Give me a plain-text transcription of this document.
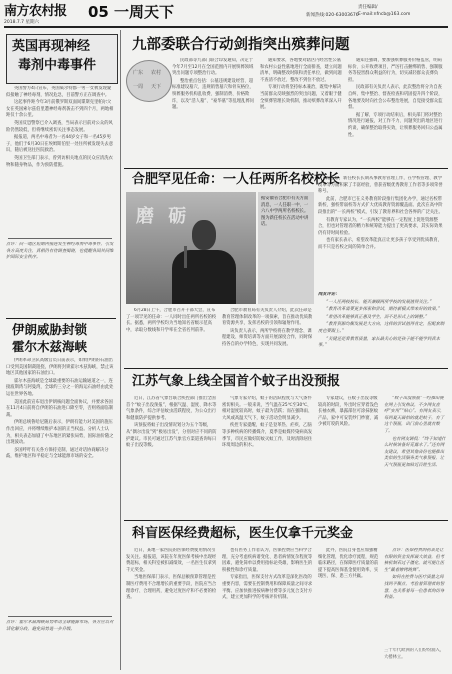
南方农村报
2018.7.7 星期六
05 一周天下	责任编辑/
新闻热线:020-63003676 E-mail:nfncb@163.com
英国再现神经
毒剂中毒事件

英国警方4日宣布，英国威尔特郡一男一女被发现疑似接触了神经毒剂，情况危急，目前警方正在调查中。

这起事件距今年3月前俄罗斯双面间谍斯克里帕尔父女在英国索尔兹伯里遭神经毒剂袭击不到四个月，两地相距仅十余公里。

英国反恐警察已介入调查，当局表示目前对公众的风险仍然较低，但将继续密切关注事态发展。

据报道，两名中毒者为一名44岁女子和一名45岁男子，他们于6月30日在埃姆斯伯里一处住所被发现失去意识，随后被送往医院救治。

英国卫生部门表示，曾到访相关地点的民众应清洗衣物和随身物品，作为预防措施。

点评：同一地区短期内接连发生神经毒剂中毒事件，引发各方高度关注，真相仍有待调查揭晓，也提醒各国共同维护国际安全秩序。
伊朗威胁封锁
霍尔木兹海峡

伊朗革命卫队高级官员日前表示，如果伊朗的石油出口受到美国制裁阻挠，伊朗将封锁霍尔木兹海峡，禁止该地区其他国家的石油出口。

霍尔木兹海峡是全球最重要的石油运输通道之一，连接波斯湾与阿曼湾，全球约三分之一的海运石油经由此处运往世界各地。

美国此前宣布退出伊朗核问题全面协议，并要求各国在11月4日前将自伊朗的石油进口降至零，否则将面临制裁。

伊朗总统鲁哈尼随后表示，伊朗有能力对美国的施压作出回应，并将继续维护本国的正当权益。分析人士认为，相关表态加剧了中东地区的紧张局势，国际油价随之出现波动。

多国呼吁有关各方保持克制，通过对话协商解决分歧，维护地区和平稳定与全球能源市场的安全。

点评：霍尔木兹海峡局势牵动全球能源市场，各方应以对话化解分歧，避免局势进一步升级。
九部委联合行动剑指突出殡葬问题
广东 农村
一周 天下

民政部等九部门联合印发通知，决定于今年7月至12月在全国范围内开展殡葬领域突出问题专项整治行动。

整治重点包括：公墓违规建设经营、超标准建设墓穴、违规销售墓穴和骨灰格位，殡葬服务机构乱收费、强制消费、价格欺诈，以及“活人墓”、“豪华墓”等乱埋乱葬问题。

通知要求，各地要对辖区内经营性公墓和农村公益性墓地进行全面排查，建立问题清单，明确整改时限和责任单位，做到问题不查清不放过、整改不到位不放过。

专项行动将坚持标本兼治，既集中解决当前群众反映强烈的突出问题，又着眼于健全殡葬管理长效机制，推动殡葬改革深入开展。

通知还强调，要加强殡葬服务价格监管，明码标价、公开收费项目，严厉打击捆绑销售、强制服务等侵害群众利益的行为，切实减轻群众丧葬负担。

民政部有关负责人表示，此次整治将分为自查自纠、集中整治、督查检查和巩固提升四个阶段，各地要及时向社会公布整治进展，自觉接受群众监督。

据了解，专项行动结束后，相关部门将对整治情况进行通报，对工作不力、问题突出的地区进行约谈，确保整治取得实效，让殡葬服务回归公益属性。

合肥罕见任命：一人任两所名校校长
磨 砺
据安徽省合肥市有关方面消息，一人任职一中、一六八中学两所名校校长。图为新任校长在活动中讲话。

6月28日上午，合肥市召开干部大会，宣布了一项罕见的任命：一人同时出任两所名校的校长。据悉，两所学校均为当地知名省级示范高中，录取分数线和升学率在全省名列前茅。

合肥市教育局有关负责人介绍，此次任命是教育管理体制改革的一项探索，旨在推动优质教育资源共享，发挥名校的引领和辐射作用。

该负责人表示，两所学校将在教学理念、课程建设、师资培训等方面开展深度合作，同时保持各自的办学特色，实现共同发展。

据了解，新任校长长期从事教育管理工作，在学校管理、教学改革等方面积累了丰富经验，曾获省级优秀教育工作者等多项荣誉称号。

此前，合肥市已在义务教育阶段推行集团化办学，通过名校带新校、强校带弱校等方式扩大优质教育资源覆盖面。此次在高中阶段推出的“一长两校”模式，引发了教育界和社会各界的广泛关注。

有教育专家认为，“一长两校”能够在一定程度上促进资源整合，但也对管理者的精力和统筹能力提出了更高要求，其实际效果仍有待时间检验。

也有家长表示，希望改革能真正让更多孩子享受到优质教育，而不只是名校之间的简单合并。

网友评论：

“一人任两校校长，能否兼顾两所学校的发展值得关注。”

“教育改革需要更多探索和尝试，期待新模式带来好的效果。”

“希望改革能够真正惠及学生，而不是形式上的调整。”

“教育资源均衡发展是大方向，这样的尝试值得肯定，但配套制度也要跟上。”

“关键还是看教育质量，家长最关心的是孩子能不能学到真本事。”

江苏气象上线全国首个蚊子出没预报

近日，江苏省气象台联合疾控部门推出全国首个“蚊子出没预报”，根据气温、湿度、降水等气象条件，综合评估蚊虫活跃程度，为公众出行和健康防护提供参考。

该预报将蚊子出没情况划分为五个等级，从“偶尔出没”到“极易出没”，分别对应不同的防护建议。市民可通过江苏气象官方渠道查询每日蚊子出没等级。

气象专家介绍，蚊子的活跃程度与天气条件密切相关。一般来说，当气温在25℃至30℃、相对湿度较高时，蚊子最为活跃；而在强降雨、大风或高温天气下，蚊子活动会明显减少。

疾控专家提醒，蚊子是登革热、疟疾、乙脑等多种疾病的传播媒介，夏季是蚊媒传染病高发季节，市民应做好防蚊灭蚊工作，及时清除居住环境周边的积水。

专家建议，在蚊子出没等级较高的时段，外出时应穿着浅色长袖衣裤，暴露部位可涂抹驱蚊产品，家中可安装纱门纱窗，减少被叮咬的风险。

“蚊子出没预报”一经推出便在网上引发热议，不少网友直呼“实用”“贴心”。有网友表示，每到夏天最怕的就是蚊子，有了这个预报，出门前心里就有数了。

也有网友调侃：“终于知道什么时候该备好花露水了。”还有网友建议，希望其他省份也能推出类似的生活服务类气象预报，让天气预报更加贴近百姓生活。

科盲医保经费超标，医生仅拿千元奖金

近日，某地一家医院的医保经费使用情况引发关注。据报道，该院在年度医保考核中出现经费超标，相关科室被扣减绩效，一名医生仅拿到千元奖金。

当地医保部门表示，医保总额预算管理是控制医疗费用不合理增长的重要手段，医院应当合理诊疗、合理用药，避免过度医疗和不必要的检查。

也有医务工作者认为，医保控费应当科学合理，充分考虑疾病谱变化、患者病情复杂程度等因素，避免简单以费用指标论英雄，影响医生的积极性和诊疗质量。

专家指出，医保支付方式改革是深化医改的重要内容，需要在控制费用和保障质量之间寻求平衡。应加快推进按病种付费等多元复合支付方式，建立更加科学的考核评价机制。

此外，医院自身也应加强精细化管理，优化诊疗流程，规范临床路径，在保障医疗质量的前提下提高医保基金使用效率，实现医、保、患三方共赢。

点评：医保控费的初衷是让有限的资金发挥最大效益，但考核机制若过于僵化，就可能让医生“戴着镣铐跳舞”。

如何在控费与医疗质量之间找到平衡点，考验着管理者的智慧，也关系着每一位患者的切身利益。

三十年代欧洲的人们纷纷涌入，大楼林立。
